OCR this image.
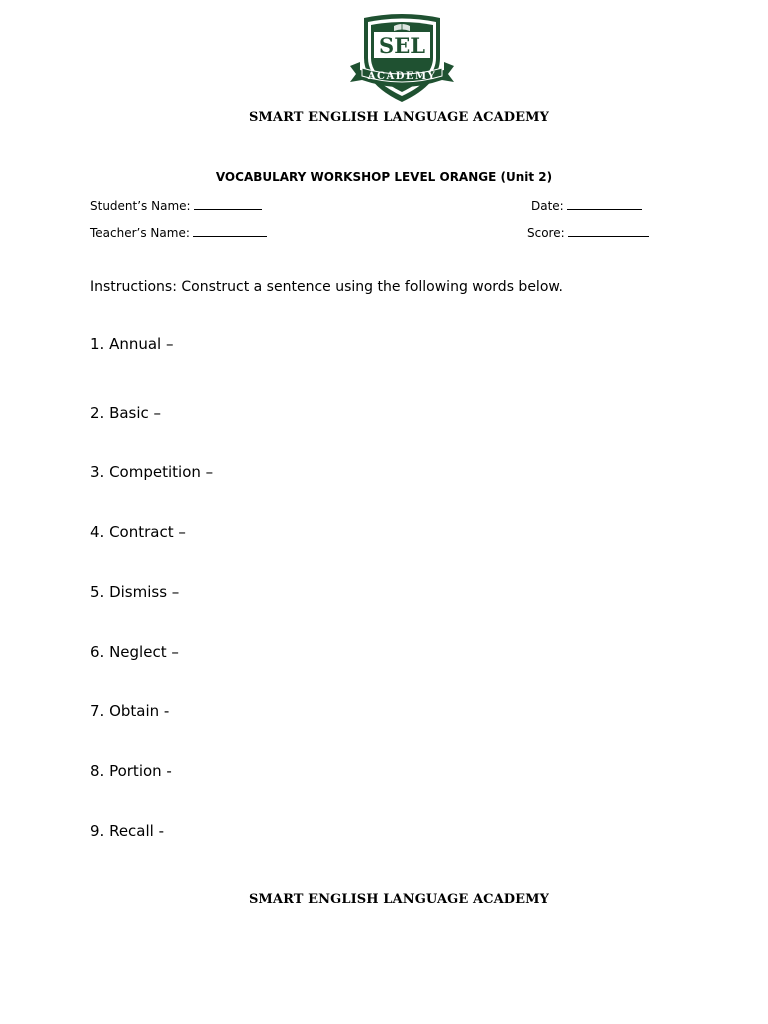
SEL
ACADEMY
SMART ENGLISH LANGUAGE ACADEMY
VOCABULARY WORKSHOP LEVEL ORANGE (Unit 2)
Student’s Name:	Date:
Teacher’s Name:	Score:
Instructions: Construct a sentence using the following words below.
1. Annual –
2. Basic –
3. Competition –
4. Contract –
5. Dismiss –
6. Neglect –
7. Obtain -
8. Portion -
9. Recall -
SMART ENGLISH LANGUAGE ACADEMY
